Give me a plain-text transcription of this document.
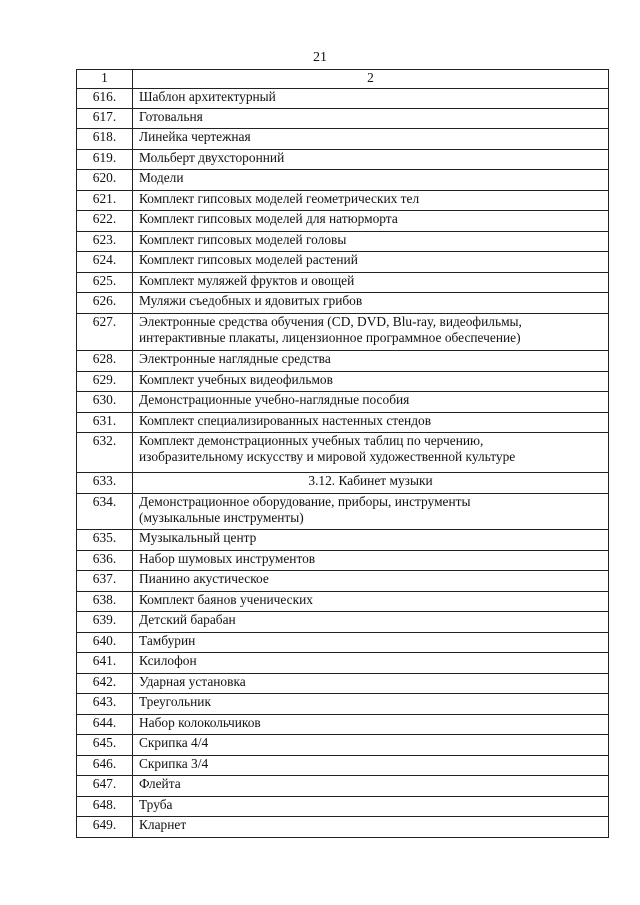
21
1	2
616.	Шаблон архитектурный
617.	Готовальня
618.	Линейка чертежная
619.	Мольберт двухсторонний
620.	Модели
621.	Комплект гипсовых моделей геометрических тел
622.	Комплект гипсовых моделей для натюрморта
623.	Комплект гипсовых моделей головы
624.	Комплект гипсовых моделей растений
625.	Комплект муляжей фруктов и овощей
626.	Муляжи съедобных и ядовитых грибов
627.	Электронные средства обучения (CD, DVD, Blu-ray, видеофильмы,
интерактивные плакаты, лицензионное программное обеспечение)
628.	Электронные наглядные средства
629.	Комплект учебных видеофильмов
630.	Демонстрационные учебно-наглядные пособия
631.	Комплект специализированных настенных стендов
632.	Комплект демонстрационных учебных таблиц по черчению,
изобразительному искусству и мировой художественной культуре
633.	3.12. Кабинет музыки
634.	Демонстрационное оборудование, приборы, инструменты
(музыкальные инструменты)
635.	Музыкальный центр
636.	Набор шумовых инструментов
637.	Пианино акустическое
638.	Комплект баянов ученических
639.	Детский барабан
640.	Тамбурин
641.	Ксилофон
642.	Ударная установка
643.	Треугольник
644.	Набор колокольчиков
645.	Скрипка 4/4
646.	Скрипка 3/4
647.	Флейта
648.	Труба
649.	Кларнет
